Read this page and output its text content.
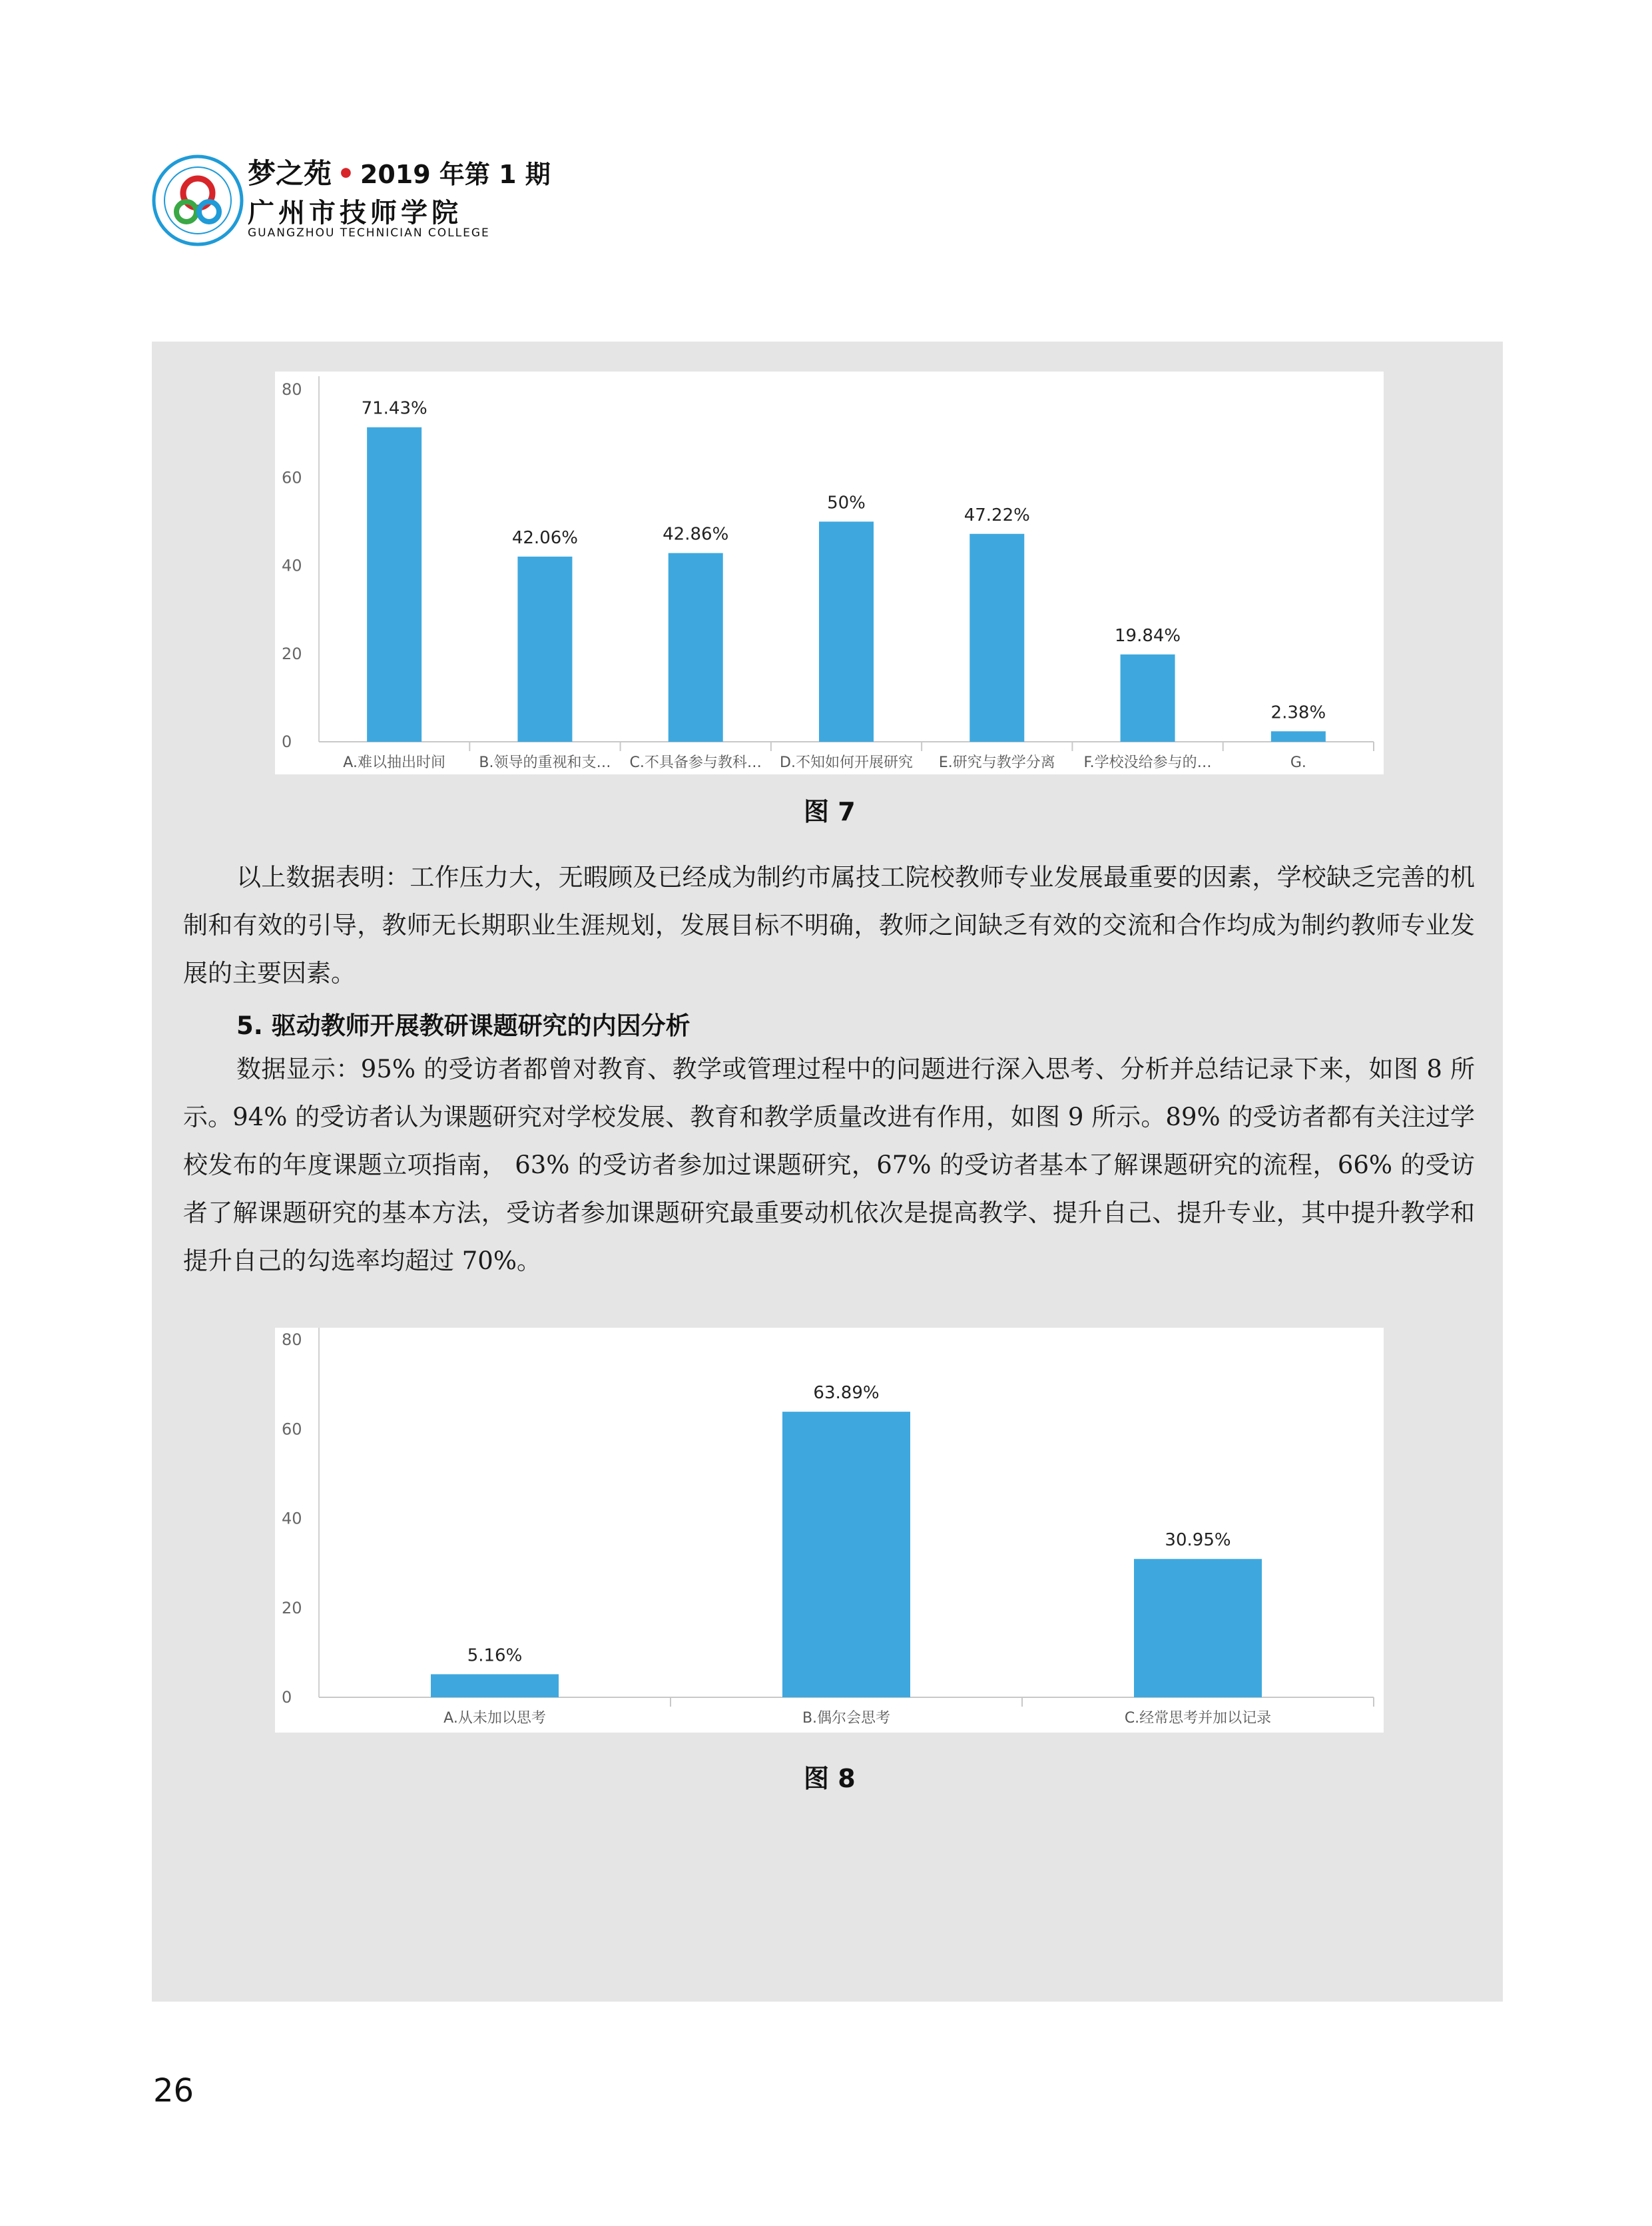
梦之苑 • 2019 年第 1 期
广州市技师学院
GUANGZHOU TECHNICIAN COLLEGE
0
20
40
60
80
71.43%
A.难以抽出时间
42.06%
B.领导的重视和支…
42.86%
C.不具备参与教科…
50%
D.不知如何开展研究
47.22%
E.研究与教学分离
19.84%
F.学校没给参与的…
2.38%
G.
图 7
以上数据表明：工作压力大，无暇顾及已经成为制约市属技工院校教师专业发展最重要的因素，学校缺乏完善的机制和有效的引导，教师无长期职业生涯规划，发展目标不明确，教师之间缺乏有效的交流和合作均成为制约教师专业发展的主要因素。
5. 驱动教师开展教研课题研究的内因分析
数据显示：95% 的受访者都曾对教育、教学或管理过程中的问题进行深入思考、分析并总结记录下来，如图 8 所示。94% 的受访者认为课题研究对学校发展、教育和教学质量改进有作用，如图 9 所示。89% 的受访者都有关注过学校发布的年度课题立项指南， 63% 的受访者参加过课题研究，67% 的受访者基本了解课题研究的流程，66% 的受访者了解课题研究的基本方法，受访者参加课题研究最重要动机依次是提高教学、提升自己、提升专业，其中提升教学和提升自己的勾选率均超过 70%。
0
20
40
60
80
5.16%
A.从未加以思考
63.89%
B.偶尔会思考
30.95%
C.经常思考并加以记录
图 8
26
